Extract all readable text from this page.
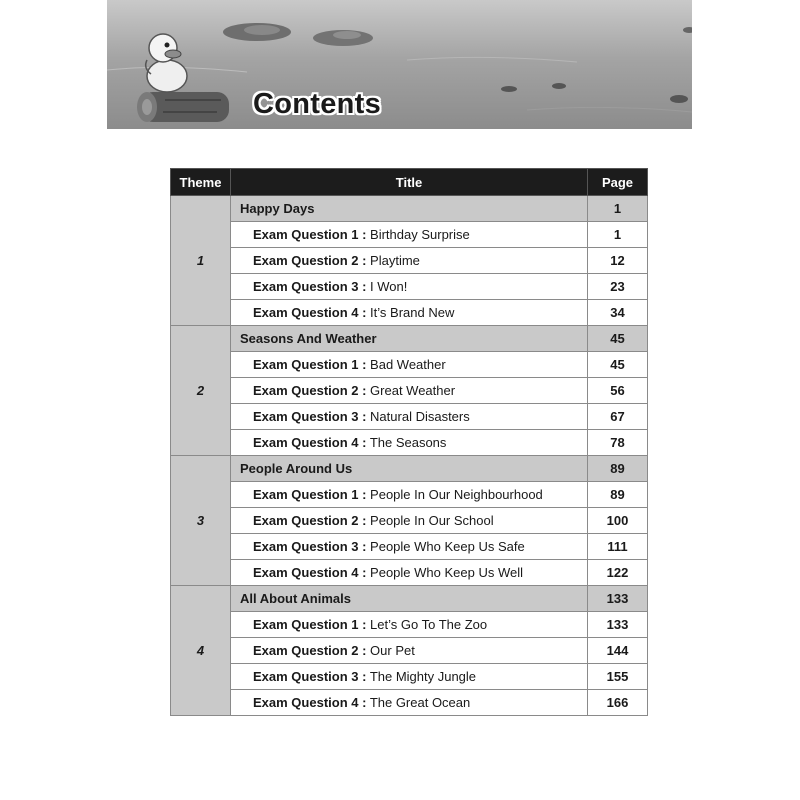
Contents
Theme	Title	Page
1	Happy Days	1
	Exam Question 1 : Birthday Surprise	1
	Exam Question 2 : Playtime	12
	Exam Question 3 : I Won!	23
	Exam Question 4 : It’s Brand New	34
2	Seasons And Weather	45
	Exam Question 1 : Bad Weather	45
	Exam Question 2 : Great Weather	56
	Exam Question 3 : Natural Disasters	67
	Exam Question 4 : The Seasons	78
3	People Around Us	89
	Exam Question 1 : People In Our Neighbourhood	89
	Exam Question 2 : People In Our School	100
	Exam Question 3 : People Who Keep Us Safe	111
	Exam Question 4 : People Who Keep Us Well	122
4	All About Animals	133
	Exam Question 1 : Let’s Go To The Zoo	133
	Exam Question 2 : Our Pet	144
	Exam Question 3 : The Mighty Jungle	155
	Exam Question 4 : The Great Ocean	166
